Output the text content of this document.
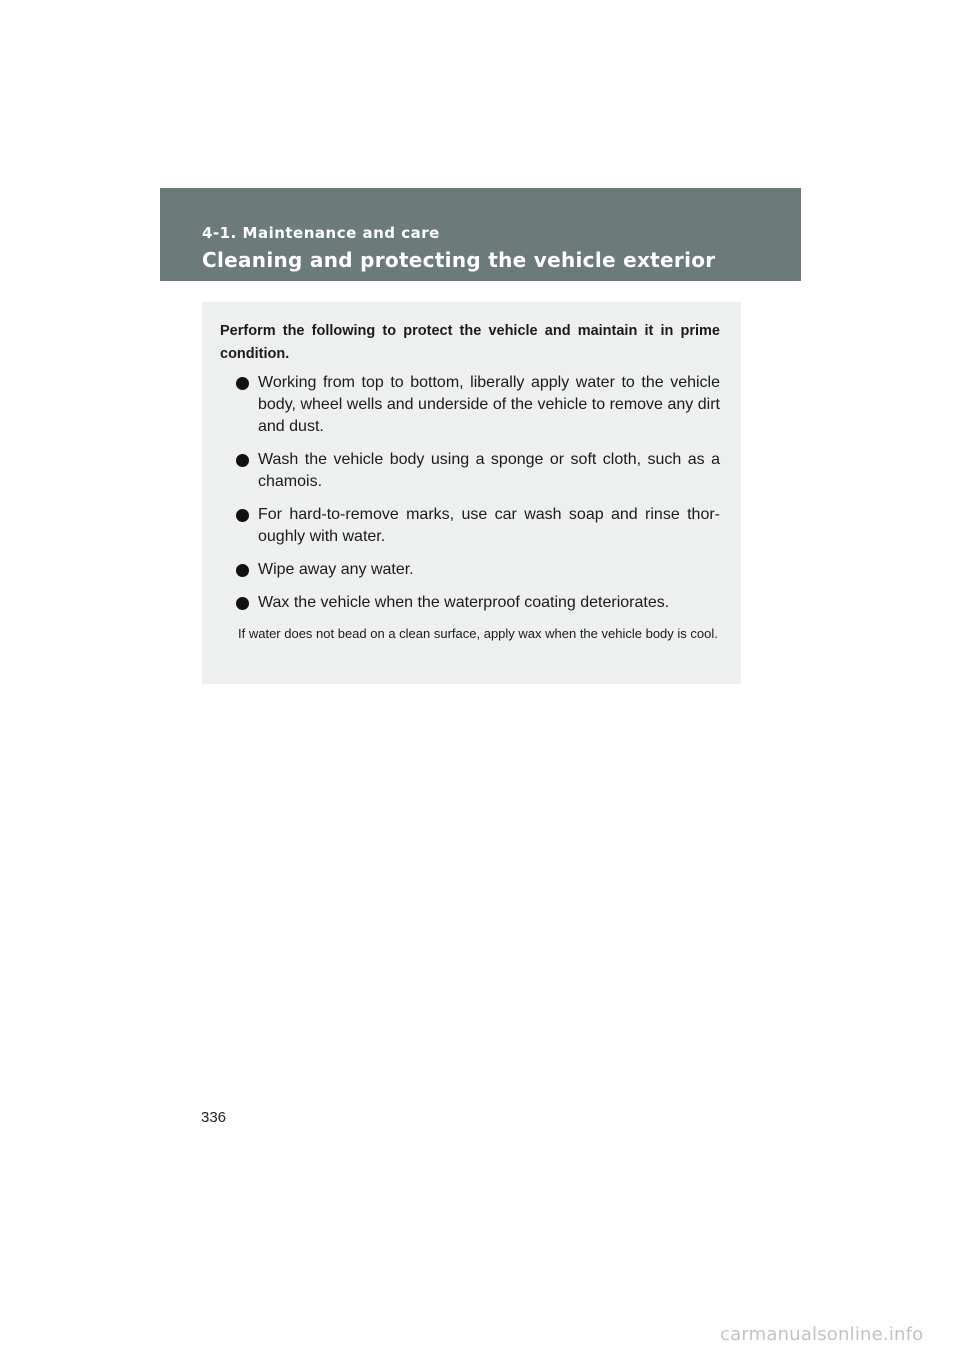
4-1. Maintenance and care
Cleaning and protecting the vehicle exterior
Perform the following to protect the vehicle and maintain it in prime condition.
Working from top to bottom, liberally apply water to the vehicle body, wheel wells and underside of the vehicle to remove any dirt and dust.
Wash the vehicle body using a sponge or soft cloth, such as a chamois.
For hard-to-remove marks, use car wash soap and rinse thor-oughly with water.
Wipe away any water.
Wax the vehicle when the waterproof coating deteriorates.
If water does not bead on a clean surface, apply wax when the vehicle body is cool.
336
carmanualsonline.info
